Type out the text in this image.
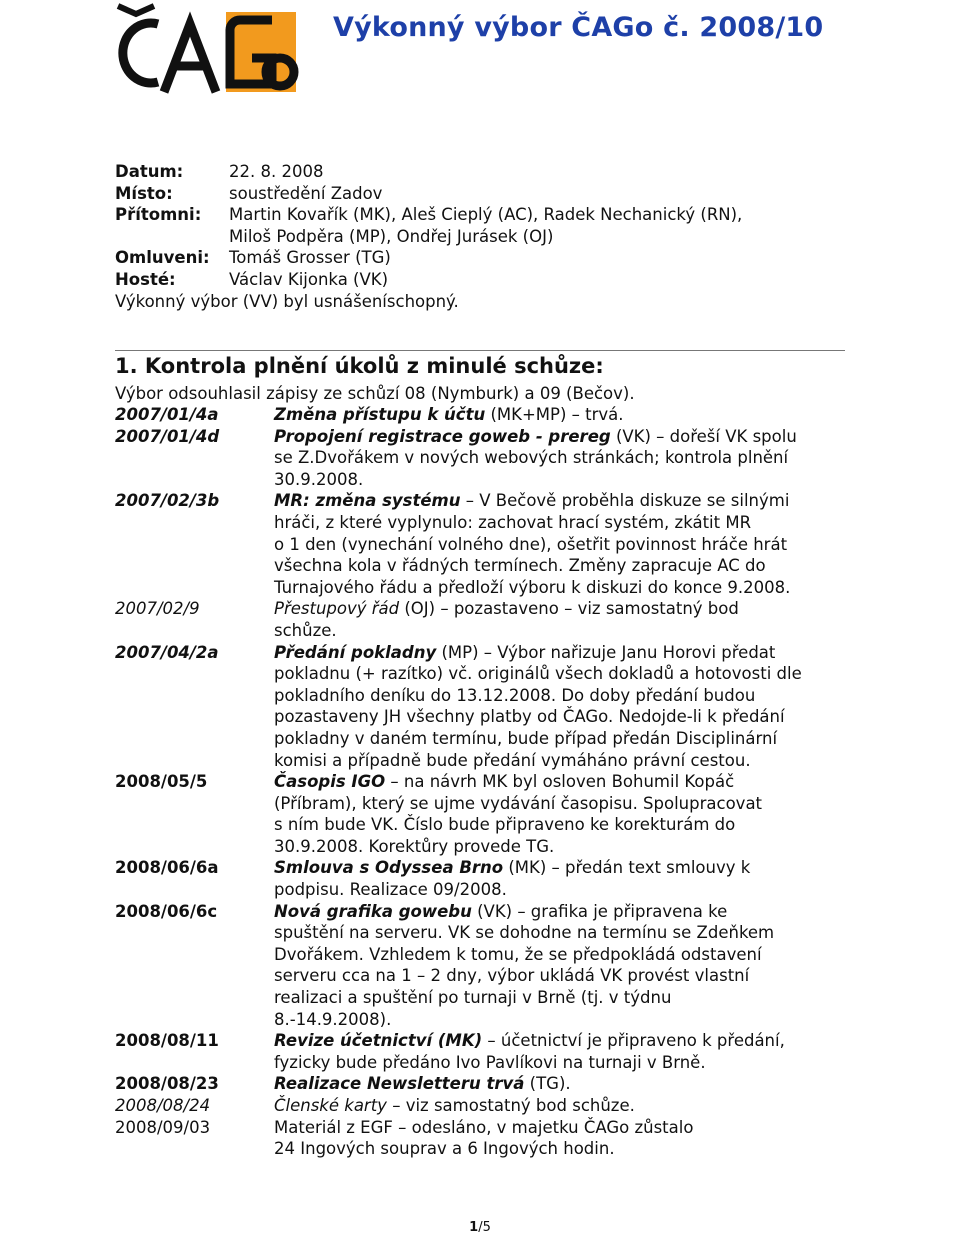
Výkonný výbor ČAGo č. 2008/10
Datum:	22. 8. 2008
Místo:	soustředění Zadov
Přítomni:	Martin Kovařík (MK), Aleš Cieplý (AC), Radek Nechanický (RN),
Miloš Podpěra (MP), Ondřej Jurásek (OJ)
Omluveni:	Tomáš Grosser (TG)
Hosté:	Václav Kijonka (VK)
Výkonný výbor (VV) byl usnášeníschopný.
1. Kontrola plnění úkolů z minulé schůze:
Výbor odsouhlasil zápisy ze schůzí 08 (Nymburk) a 09 (Bečov).
2007/01/4a	Změna přístupu k účtu (MK+MP) – trvá.
2007/01/4d	Propojení registrace goweb - prereg (VK) – dořeší VK spolu
se Z.Dvořákem v nových webových stránkách; kontrola plnění
30.9.2008.
2007/02/3b	MR: změna systému – V Bečově proběhla diskuze se silnými
hráči, z které vyplynulo: zachovat hrací systém, zkátit MR
o 1 den (vynechání volného dne), ošetřit povinnost hráče hrát
všechna kola v řádných termínech. Změny zapracuje AC do
Turnajového řádu a předloží výboru k diskuzi do konce 9.2008.
2007/02/9	Přestupový řád (OJ) – pozastaveno – viz samostatný bod
schůze.
2007/04/2a	Předání pokladny (MP) – Výbor nařizuje Janu Horovi předat
pokladnu (+ razítko) vč. originálů všech dokladů a hotovosti dle
pokladního deníku do 13.12.2008. Do doby předání budou
pozastaveny JH všechny platby od ČAGo. Nedojde-li k předání
pokladny v daném termínu, bude případ předán Disciplinární
komisi a případně bude předání vymáháno právní cestou.
2008/05/5	Časopis IGO – na návrh MK byl osloven Bohumil Kopáč
(Příbram), který se ujme vydávání časopisu. Spolupracovat
s ním bude VK. Číslo bude připraveno ke korekturám do
30.9.2008. Korektůry provede TG.
2008/06/6a	Smlouva s Odyssea Brno (MK) – předán text smlouvy k
podpisu. Realizace 09/2008.
2008/06/6c	Nová grafika gowebu (VK) – grafika je připravena ke
spuštění na serveru. VK se dohodne na termínu se Zdeňkem
Dvořákem. Vzhledem k tomu, že se předpokládá odstavení
serveru cca na 1 – 2 dny, výbor ukládá VK provést vlastní
realizaci a spuštění po turnaji v Brně (tj. v týdnu
8.-14.9.2008).
2008/08/11	Revize účetnictví (MK) – účetnictví je připraveno k předání,
fyzicky bude předáno Ivo Pavlíkovi na turnaji v Brně.
2008/08/23	Realizace Newsletteru trvá (TG).
2008/08/24	Členské karty – viz samostatný bod schůze.
2008/09/03	Materiál z EGF – odesláno, v majetku ČAGo zůstalo
24 Ingových souprav a 6 Ingových hodin.
1/5
